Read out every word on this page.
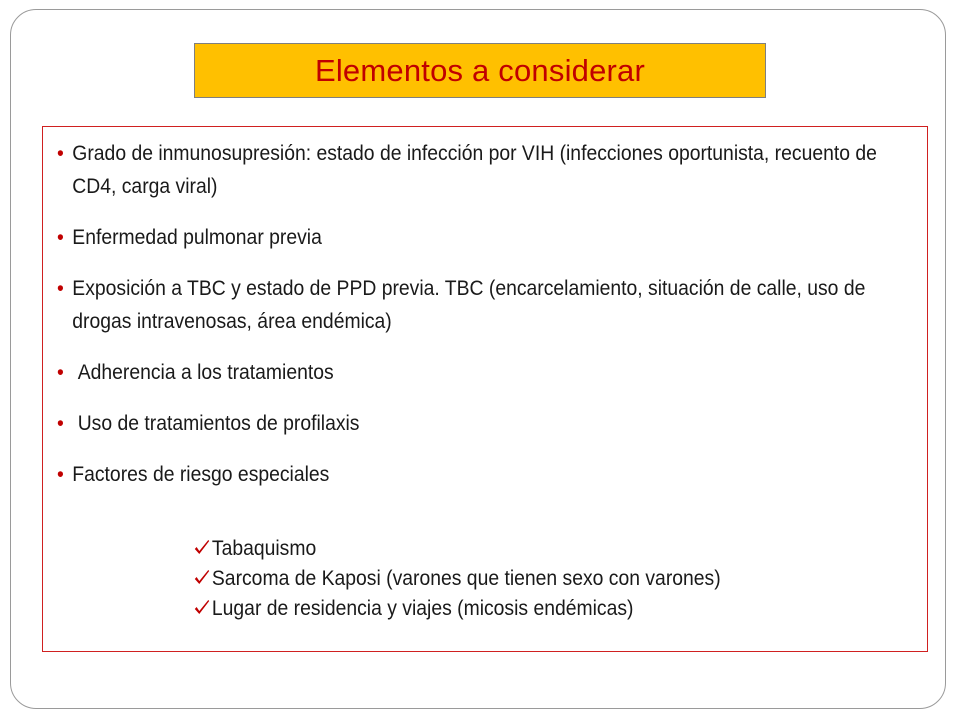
Elementos a considerar
• Grado de inmunosupresión: estado de infección por VIH (infecciones oportunista, recuento de CD4, carga viral)
• Enfermedad pulmonar previa
• Exposición a TBC y estado de PPD previa. TBC (encarcelamiento, situación de calle, uso de drogas intravenosas, área endémica)
• Adherencia a los tratamientos
• Uso de tratamientos de profilaxis
• Factores de riesgo especiales
Tabaquismo
Sarcoma de Kaposi (varones que tienen sexo con varones)
Lugar de residencia y viajes (micosis endémicas)
